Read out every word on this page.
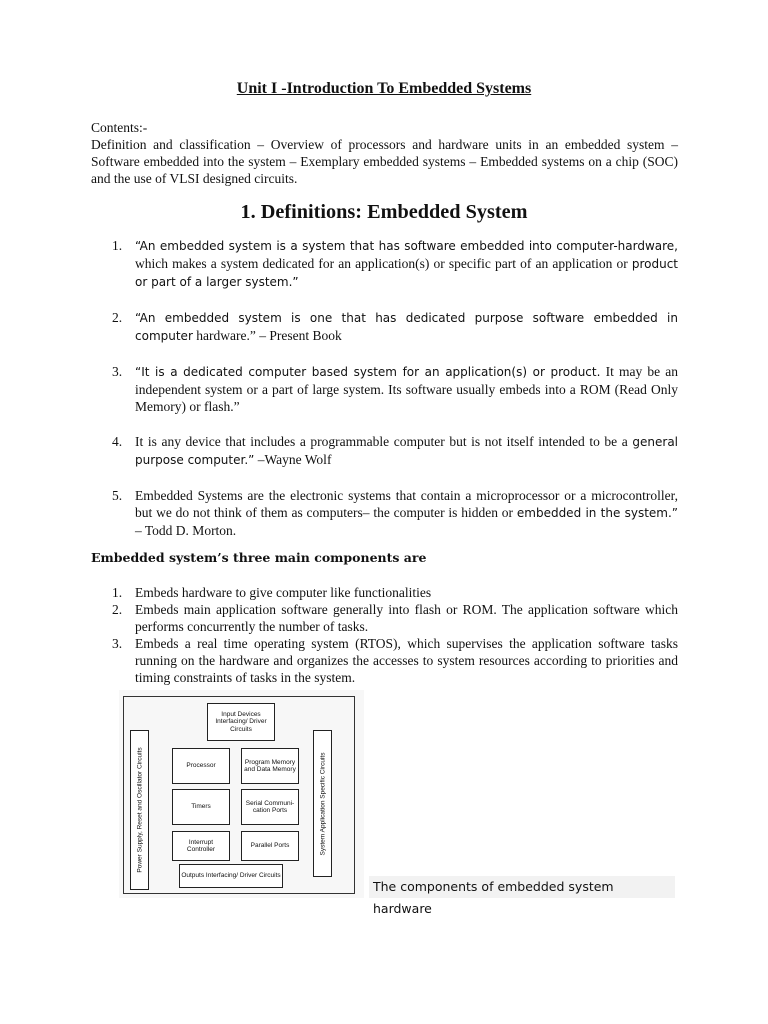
Unit I -Introduction To Embedded Systems

Contents:-

Definition and classification – Overview of processors and hardware units in an embedded system – Software embedded into the system – Exemplary embedded systems – Embedded systems on a chip (SOC) and the use of VLSI designed circuits.

1. Definitions: Embedded System
1. “An embedded system is a system that has software embedded into computer-hardware, which makes a system dedicated for an application(s) or specific part of an application or product or part of a larger system.”
2. “An embedded system is one that has dedicated purpose software embedded in computer hardware.” – Present Book
3. “It is a dedicated computer based system for an application(s) or product. It may be an independent system or a part of large system. Its software usually embeds into a ROM (Read Only Memory) or flash.”
4. It is any device that includes a programmable computer but is not itself intended to be a general purpose computer.” –Wayne Wolf
5. Embedded Systems are the electronic systems that contain a microprocessor or a microcontroller, but we do not think of them as computers– the computer is hidden or embedded in the system.” – Todd D. Morton.
Embedded system’s three main components are
1. Embeds hardware to give computer like functionalities
2. Embeds main application software generally into flash or ROM. The application software which performs concurrently the number of tasks.
3. Embeds a real time operating system (RTOS), which supervises the application software tasks running on the hardware and organizes the accesses to system resources according to priorities and timing constraints of tasks in the system.
Input Devices Interfacing/ Driver Circuits
Power Supply, Reset and Oscillator Circuits	System Application Specific Circuits
Processor
Program Memory and Data Memory
Timers
Serial Communi- cation Ports
Interrupt Controller
Parallel Ports
Outputs Interfacing/ Driver Circuits
The components of embedded system hardware
